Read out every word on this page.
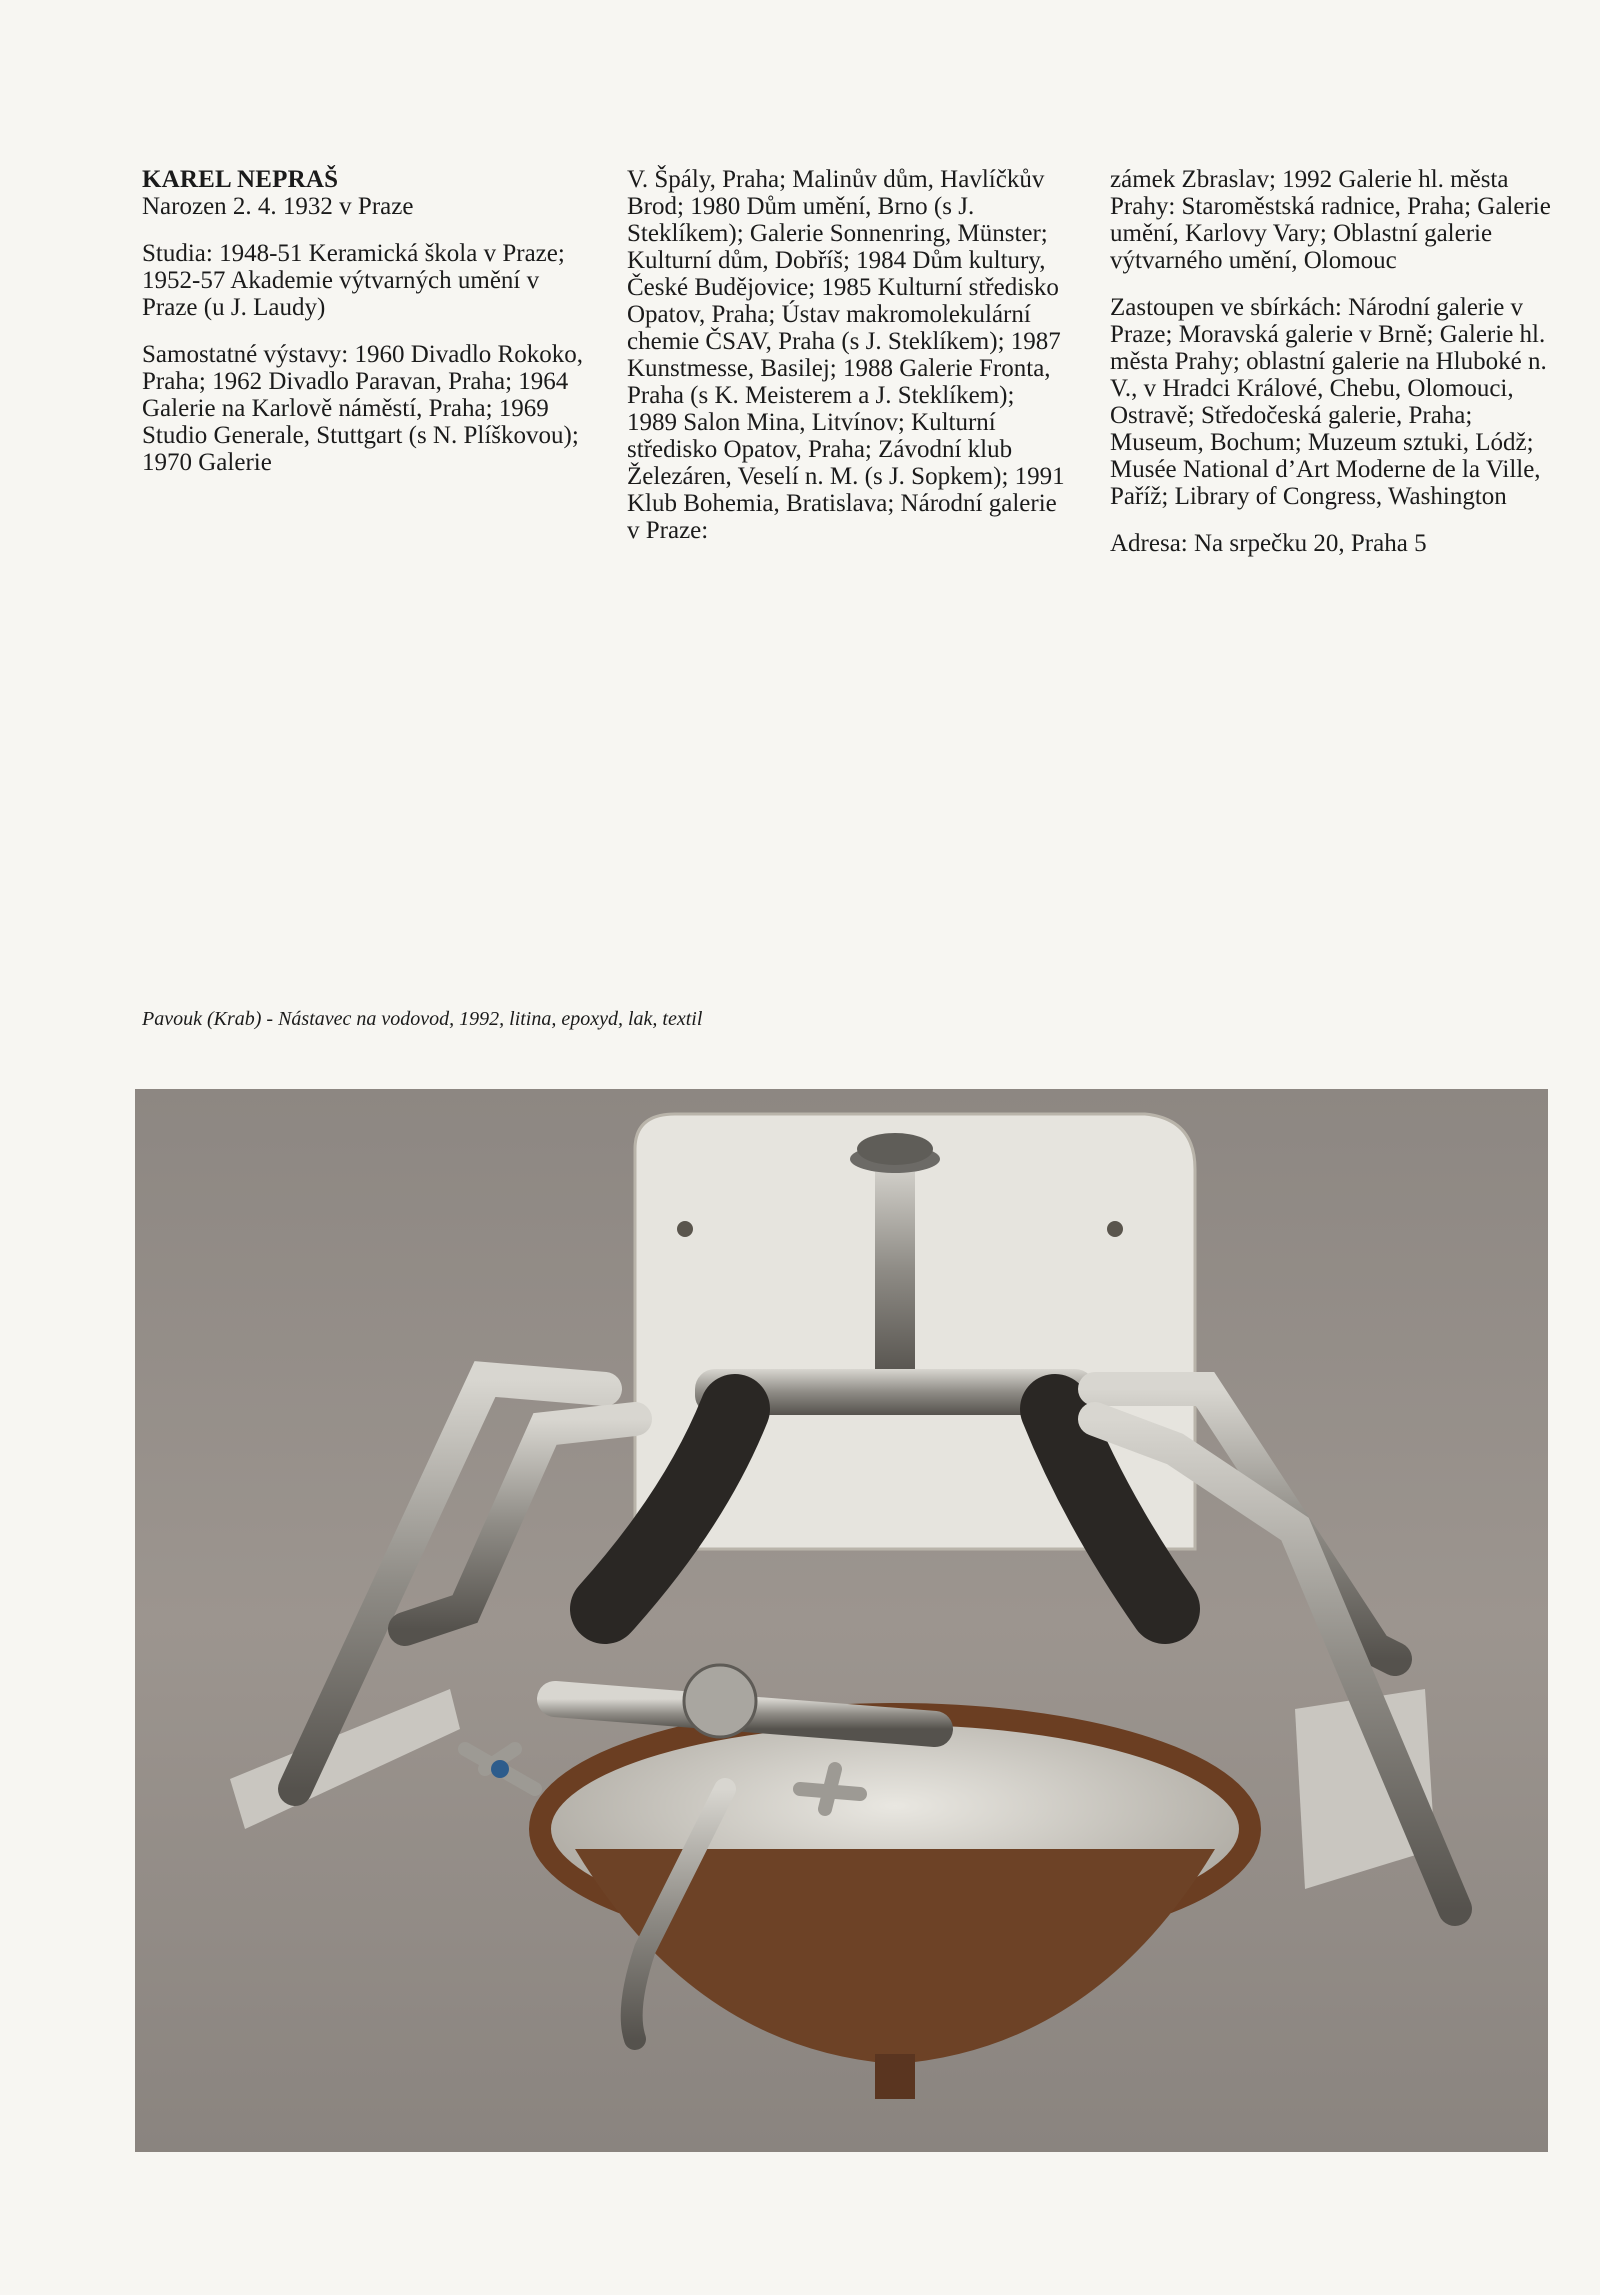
KAREL NEPRAŠ

Narozen 2. 4. 1932 v Praze

Studia: 1948-51 Keramická škola v Praze; 1952-57 Akademie výtvarných umění v Praze (u J. Laudy)

Samostatné výstavy: 1960 Divadlo Rokoko, Praha; 1962 Divadlo Paravan, Praha; 1964 Galerie na Karlově náměstí, Praha; 1969 Studio Generale, Stuttgart (s N. Plíškovou); 1970 Galerie

V. Špály, Praha; Malinův dům, Havlíčkův Brod; 1980 Dům umění, Brno (s J. Steklíkem); Galerie Sonnenring, Münster; Kulturní dům, Dobříš; 1984 Dům kultury, České Budějovice; 1985 Kulturní středisko Opatov, Praha; Ústav makromolekulární chemie ČSAV, Praha (s J. Steklíkem); 1987 Kunstmesse, Basilej; 1988 Galerie Fronta, Praha (s K. Meisterem a J. Steklíkem); 1989 Salon Mina, Litvínov; Kulturní středisko Opatov, Praha; Závodní klub Železáren, Veselí n. M. (s J. Sopkem); 1991 Klub Bohemia, Bratislava; Národní galerie v Praze:

zámek Zbraslav; 1992 Galerie hl. města Prahy: Staroměstská radnice, Praha; Galerie umění, Karlovy Vary; Oblastní galerie výtvarného umění, Olomouc

Zastoupen ve sbírkách: Národní galerie v Praze; Moravská galerie v Brně; Galerie hl. města Prahy; oblastní galerie na Hluboké n. V., v Hradci Králové, Chebu, Olomouci, Ostravě; Středočeská galerie, Praha; Museum, Bochum; Muzeum sztuki, Lódž; Musée National d’Art Moderne de la Ville, Paříž; Library of Congress, Washington

Adresa: Na srpečku 20, Praha 5

Pavouk (Krab) - Nástavec na vodovod, 1992, litina, epoxyd, lak, textil
